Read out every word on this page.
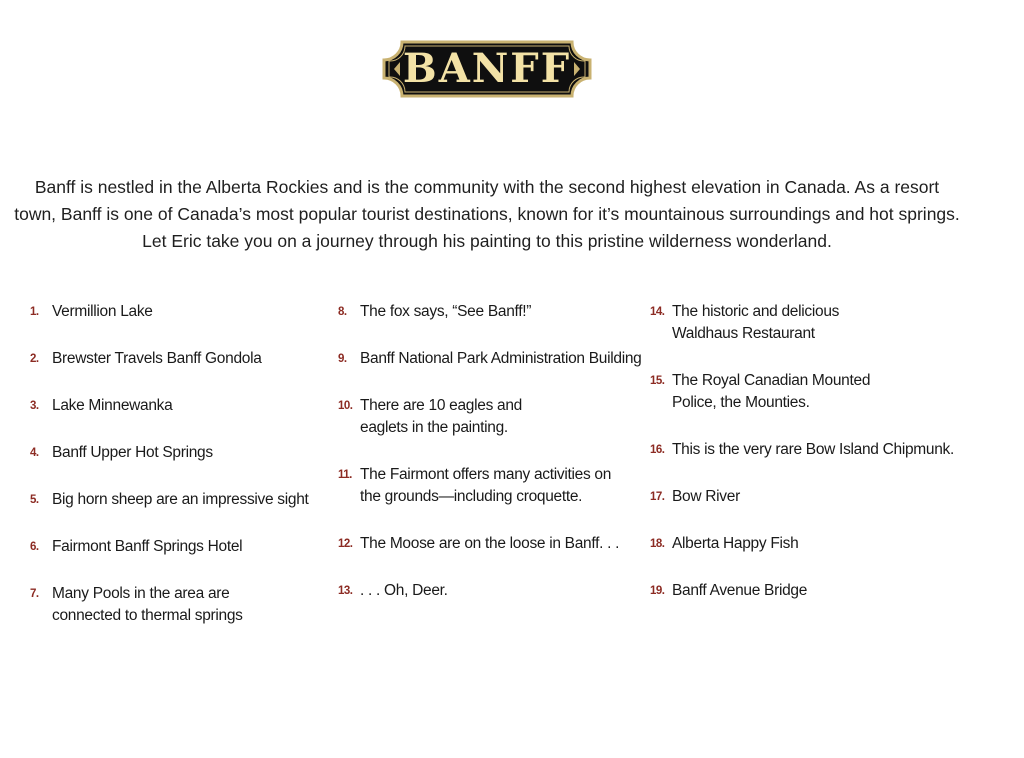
BANFF

Banff is nestled in the Alberta Rockies and is the community with the second highest elevation in Canada. As a resort town, Banff is one of Canada’s most popular tourist destinations, known for it’s mountainous surroundings and hot springs. Let Eric take you on a journey through his painting to this pristine wilderness wonderland.

1. Vermillion Lake
2. Brewster Travels Banff Gondola
3. Lake Minnewanka
4. Banff Upper Hot Springs
5. Big horn sheep are an impressive sight
6. Fairmont Banff Springs Hotel
7. Many Pools in the area are
connected to thermal springs
8. The fox says, “See Banff!”
9. Banff National Park Administration Building
10. There are 10 eagles and
eaglets in the painting.
11. The Fairmont offers many activities on
the grounds—including croquette.
12. The Moose are on the loose in Banff. . .
13. . . . Oh, Deer.
14. The historic and delicious
Waldhaus Restaurant
15. The Royal Canadian Mounted
Police, the Mounties.
16. This is the very rare Bow Island Chipmunk.
17. Bow River
18. Alberta Happy Fish
19. Banff Avenue Bridge
